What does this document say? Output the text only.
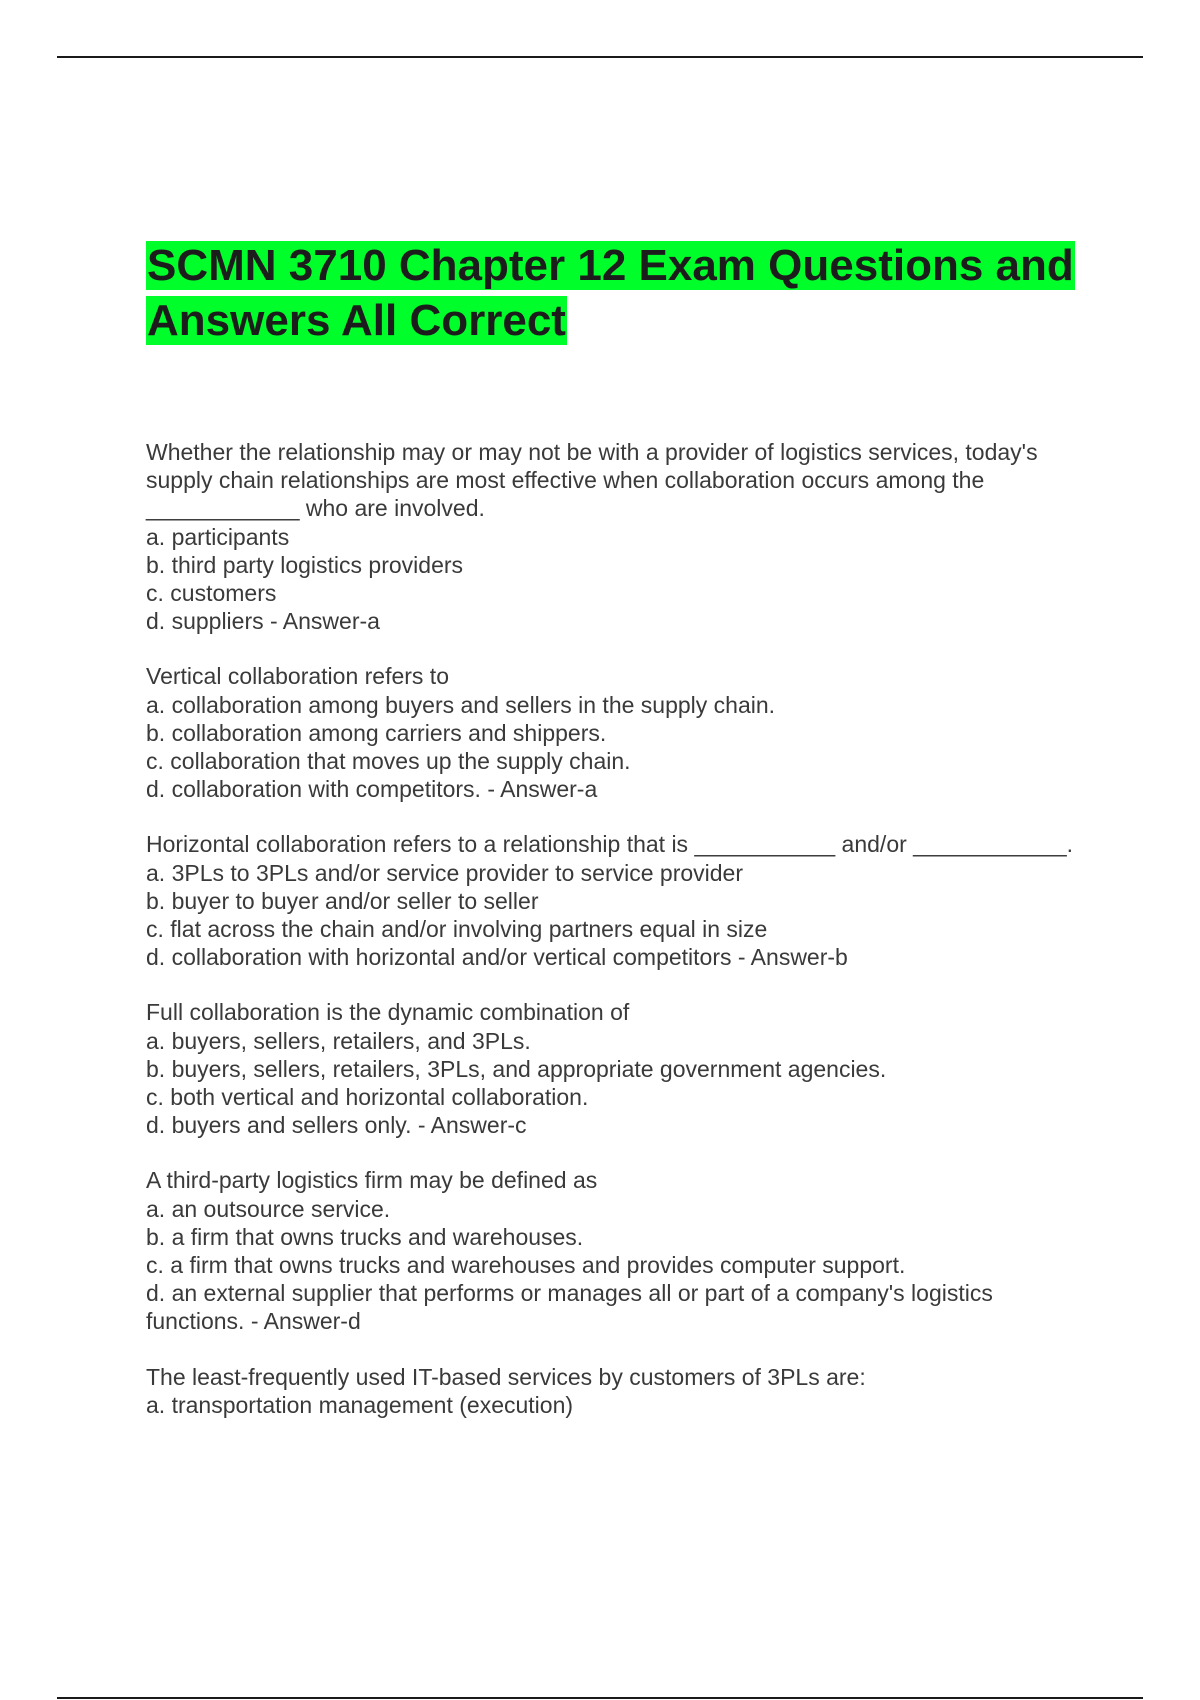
SCMN 3710 Chapter 12 Exam Questions and Answers All Correct

Whether the relationship may or may not be with a provider of logistics services, today's supply chain relationships are most effective when collaboration occurs among the ____________ who are involved.

a. participants
b. third party logistics providers
c. customers
d. suppliers - Answer-a

Vertical collaboration refers to

a. collaboration among buyers and sellers in the supply chain.
b. collaboration among carriers and shippers.
c. collaboration that moves up the supply chain.
d. collaboration with competitors. - Answer-a

Horizontal collaboration refers to a relationship that is ___________ and/or ____________.

a. 3PLs to 3PLs and/or service provider to service provider
b. buyer to buyer and/or seller to seller
c. flat across the chain and/or involving partners equal in size
d. collaboration with horizontal and/or vertical competitors - Answer-b

Full collaboration is the dynamic combination of

a. buyers, sellers, retailers, and 3PLs.
b. buyers, sellers, retailers, 3PLs, and appropriate government agencies.
c. both vertical and horizontal collaboration.
d. buyers and sellers only. - Answer-c

A third-party logistics firm may be defined as

a. an outsource service.
b. a firm that owns trucks and warehouses.
c. a firm that owns trucks and warehouses and provides computer support.
d. an external supplier that performs or manages all or part of a company's logistics functions. - Answer-d

The least-frequently used IT-based services by customers of 3PLs are:

a. transportation management (execution)
